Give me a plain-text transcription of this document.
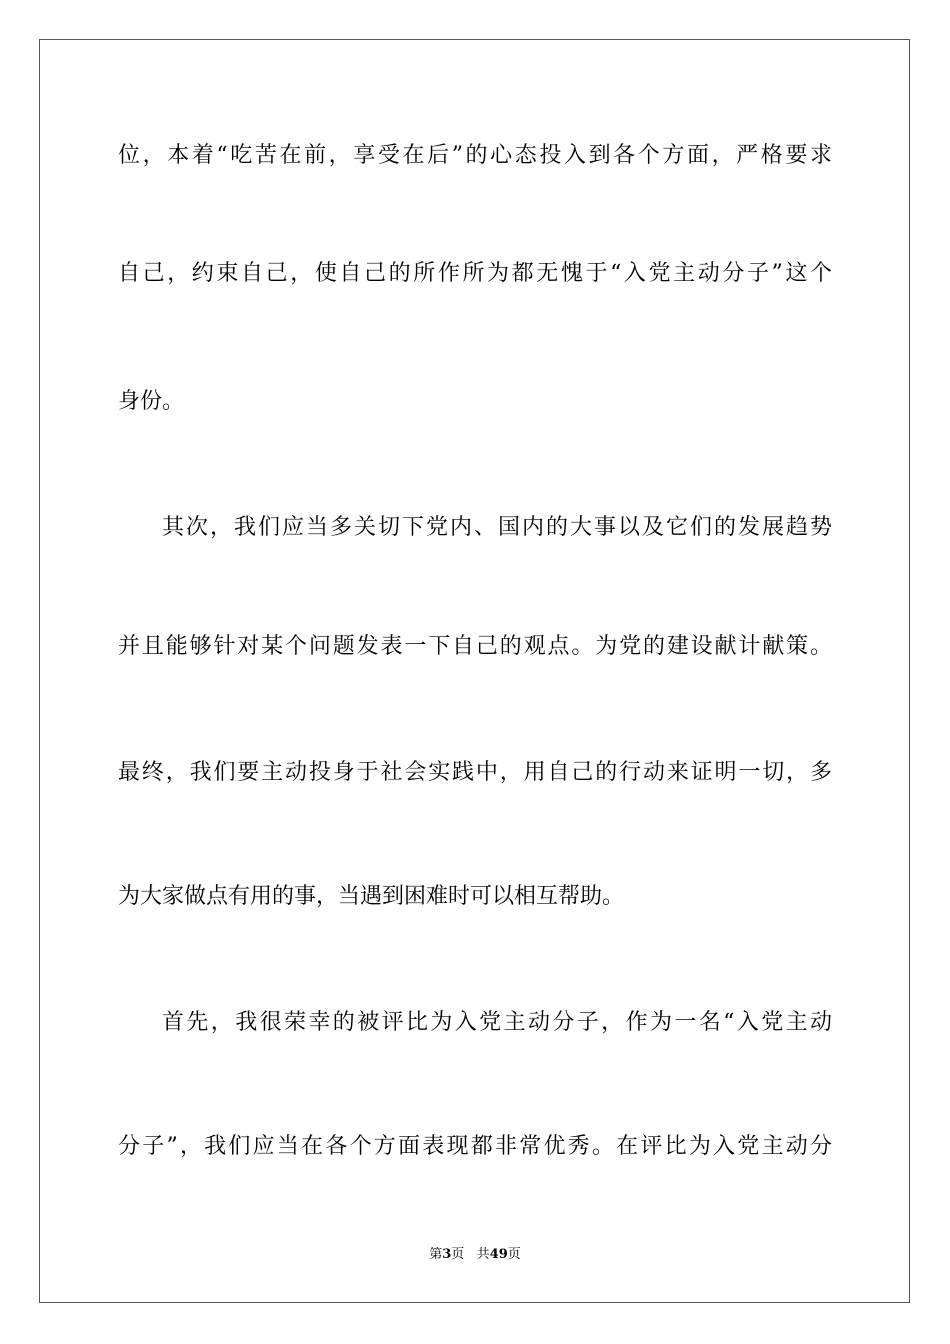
位，本着“吃苦在前，享受在后”的心态投入到各个方面，严格要求
自己，约束自己，使自己的所作所为都无愧于“入党主动分子”这个
身份。
其次，我们应当多关切下党内、国内的大事以及它们的发展趋势
并且能够针对某个问题发表一下自己的观点。为党的建设献计献策。
最终，我们要主动投身于社会实践中，用自己的行动来证明一切，多
为大家做点有用的事，当遇到困难时可以相互帮助。
首先，我很荣幸的被评比为入党主动分子，作为一名“入党主动
分子”，我们应当在各个方面表现都非常优秀。在评比为入党主动分
第3页 共49页
